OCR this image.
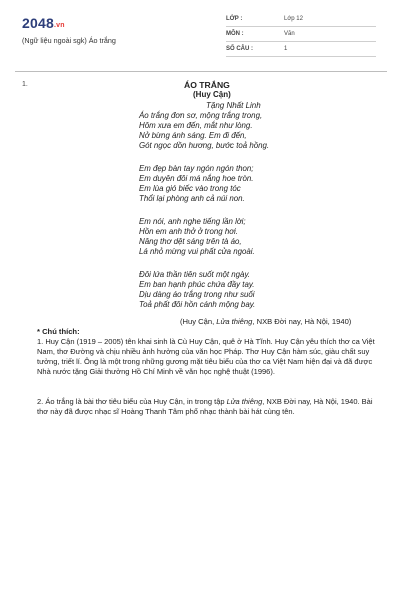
2048.vn
(Ngữ liệu ngoài sgk) Áo trắng
LỚP :	Lớp 12
MÔN :	Văn
SỐ CÂU :	1
1.	ÁO TRẮNG
(Huy Cận)
Tặng Nhất Linh
Áo trắng đơn sơ, mộng trắng trong,
Hôm xưa em đến, mắt như lòng.
Nở bừng ánh sáng. Em đi đến,
Gót ngọc dồn hương, bước toả hồng.
Em đẹp bàn tay ngón ngón thon;
Em duyên đôi má nắng hoe tròn.
Em lùa gió biếc vào trong tóc
Thổi lại phòng anh cả núi non.
Em nói, anh nghe tiếng lần lời;
Hồn em anh thở ở trong hơi.
Nâng thơ dệt sáng trên tà áo,
Lá nhỏ mừng vui phất cửa ngoài.
Đôi lứa thần tiên suốt một ngày.
Em ban hạnh phúc chứa đầy tay.
Dịu dàng áo trắng trong như suối
Toả phất đôi hồn cánh mộng bay.
(Huy Cận, Lửa thiêng, NXB Đời nay, Hà Nội, 1940)
* Chú thích:
1. Huy Cận (1919 – 2005) tên khai sinh là Cù Huy Cận, quê ở Hà Tĩnh. Huy Cận yêu thích thơ ca Việt Nam, thơ Đường và chịu nhiều ảnh hưởng của văn học Pháp. Thơ Huy Cận hàm súc, giàu chất suy tưởng, triết lí. Ông là một trong những gương mặt tiêu biểu của thơ ca Việt Nam hiện đại và đã được Nhà nước tặng Giải thưởng Hồ Chí Minh về văn học nghệ thuật (1996).
2. Áo trắng là bài thơ tiêu biểu của Huy Cận, in trong tập Lửa thiêng, NXB Đời nay, Hà Nội, 1940. Bài thơ này đã được nhạc sĩ Hoàng Thanh Tâm phổ nhạc thành bài hát cùng tên.
